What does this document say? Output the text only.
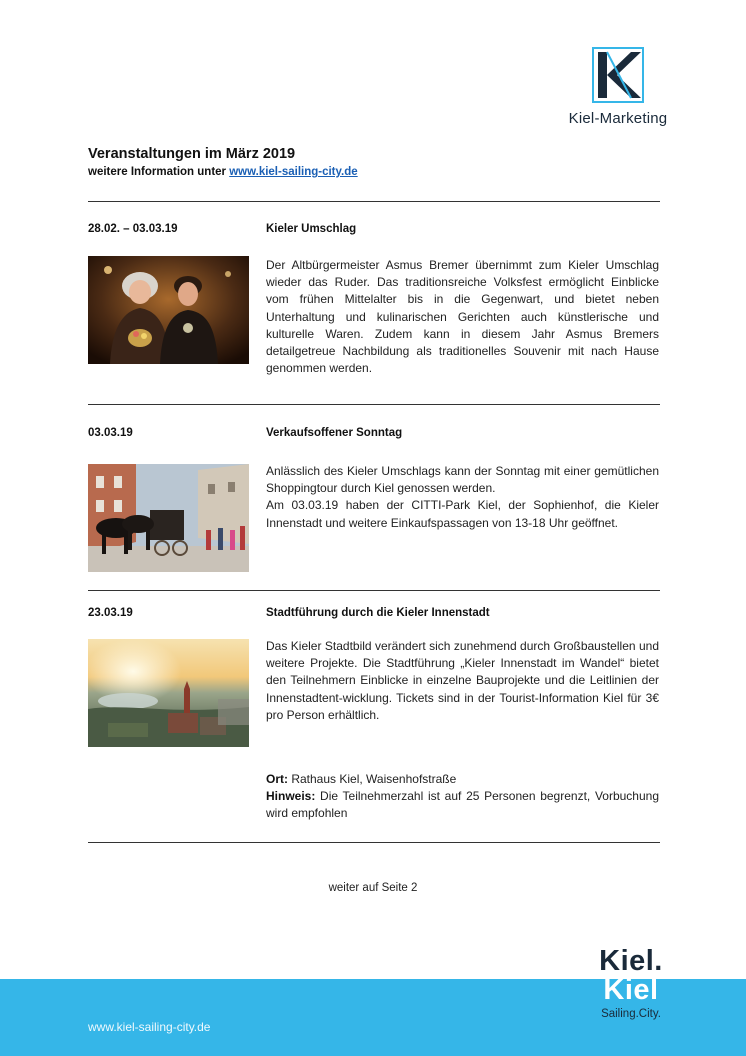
Kiel-Marketing
Veranstaltungen im März 2019
weitere Information unter www.kiel-sailing-city.de
28.02. – 03.03.19	Kieler Umschlag
Der Altbürgermeister Asmus Bremer übernimmt zum Kieler Umschlag wieder das Ruder. Das traditionsreiche Volksfest ermöglicht Einblicke vom frühen Mittelalter bis in die Gegenwart, und bietet neben Unterhaltung und kulinarischen Gerichten auch künstlerische und kulturelle Waren. Zudem kann in diesem Jahr Asmus Bremers detailgetreue Nachbildung als traditionelles Souvenir mit nach Hause genommen werden.
03.03.19	Verkaufsoffener Sonntag

Anlässlich des Kieler Umschlags kann der Sonntag mit einer gemütlichen Shoppingtour durch Kiel genossen werden.

Am 03.03.19 haben der CITTI-Park Kiel, der Sophienhof, die Kieler Innenstadt und weitere Einkaufspassagen von 13-18 Uhr geöffnet.

23.03.19	Stadtführung durch die Kieler Innenstadt
Das Kieler Stadtbild verändert sich zunehmend durch Großbaustellen und weitere Projekte. Die Stadtführung „Kieler Innenstadt im Wandel“ bietet den Teilnehmern Einblicke in einzelne Bauprojekte und die Leitlinien der Innenstadtent-wicklung. Tickets sind in der Tourist-Information Kiel für 3€ pro Person erhältlich.
Ort: Rathaus Kiel, Waisenhofstraße
Hinweis: Die Teilnehmerzahl ist auf 25 Personen begrenzt, Vorbuchung wird empfohlen
weiter auf Seite 2
www.kiel-sailing-city.de
Kiel.
Kiel
Sailing.City.
